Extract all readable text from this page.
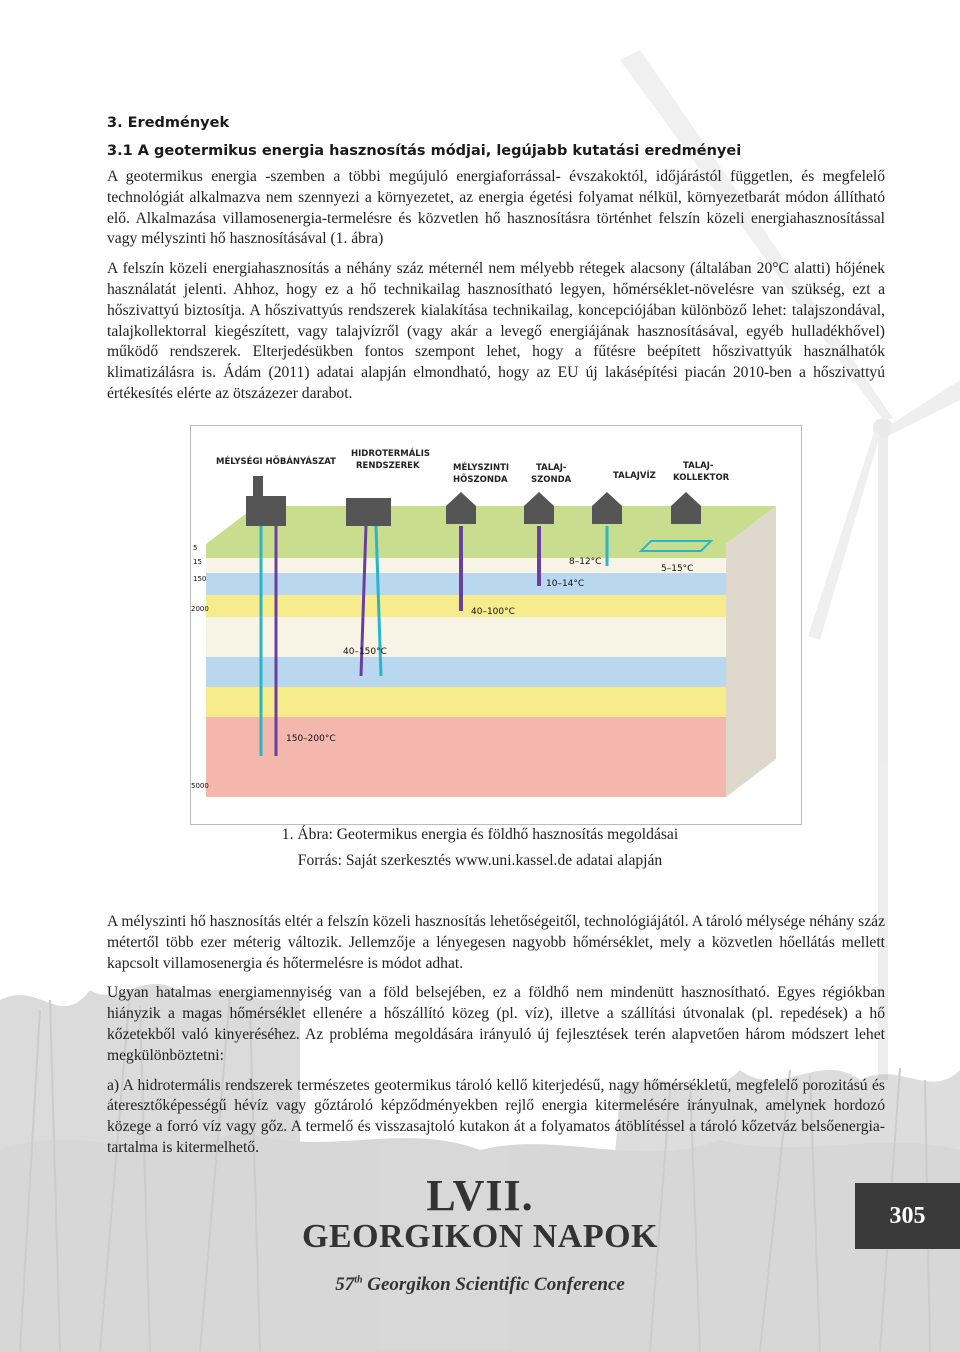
3. Eredmények
3.1 A geotermikus energia hasznosítás módjai, legújabb kutatási eredményei

A geotermikus energia -szemben a többi megújuló energiaforrással- évszakoktól, időjárástól független, és megfelelő technológiát alkalmazva nem szennyezi a környezetet, az energia égetési folyamat nélkül, környezetbarát módon állítható elő. Alkalmazása villamosenergia-termelésre és közvetlen hő hasznosításra történhet felszín közeli energiahasznosítással vagy mélyszinti hő hasznosításával (1. ábra)

A felszín közeli energiahasznosítás a néhány száz méternél nem mélyebb rétegek alacsony (általában 20°C alatti) hőjének használatát jelenti. Ahhoz, hogy ez a hő technikailag hasznosítható legyen, hőmérséklet-növelésre van szükség, ezt a hőszivattyú biztosítja. A hőszivattyús rendszerek kialakítása technikailag, koncepciójában különböző lehet: talajszondával, talajkollektorral kiegészített, vagy talajvízről (vagy akár a levegő energiájának hasznosításával, egyéb hulladékhővel) működő rendszerek. Elterjedésükben fontos szempont lehet, hogy a fűtésre beépített hőszivattyúk használhatók klimatizálásra is. Ádám (2011) adatai alapján elmondható, hogy az EU új lakásépítési piacán 2010-ben a hőszivattyú értékesítés elérte az ötszázezer darabot.

MÉLYSÉGI HŐBÁNYÁSZAT
HIDROTERMÁLIS
RENDSZEREK	MÉLYSZINTI
HŐSZONDA
TALAJ-
SZONDA	TALAJVÍZ
TALAJ-
KOLLEKTOR
8–12°C
10–14°C
5–15°C
40–100°C
40–150°C
150–200°C
5
15
150
2000
5000
1. Ábra: Geotermikus energia és földhő hasznosítás megoldásai
Forrás: Saját szerkesztés www.uni.kassel.de adatai alapján

A mélyszinti hő hasznosítás eltér a felszín közeli hasznosítás lehetőségeitől, technológiájától. A tároló mélysége néhány száz métertől több ezer méterig változik. Jellemzője a lényegesen nagyobb hőmérséklet, mely a közvetlen hőellátás mellett kapcsolt villamosenergia és hőtermelésre is módot adhat.

Ugyan hatalmas energiamennyiség van a föld belsejében, ez a földhő nem mindenütt hasznosítható. Egyes régiókban hiányzik a magas hőmérséklet ellenére a hőszállító közeg (pl. víz), illetve a szállítási útvonalak (pl. repedések) a hő kőzetekből való kinyeréséhez. Az probléma megoldására irányuló új fejlesztések terén alapvetően három módszert lehet megkülönböztetni:

a) A hidrotermális rendszerek természetes geotermikus tároló kellő kiterjedésű, nagy hőmérsékletű, megfelelő porozitású és áteresztőképességű hévíz vagy gőztároló képződményekben rejlő energia kitermelésére irányulnak, amelynek hordozó közege a forró víz vagy gőz. A termelő és visszasajtoló kutakon át a folyamatos átöblítéssel a tároló kőzetváz belsőenergia-tartalma is kitermelhető.

LVII.
GEORGIKON NAPOK
57th Georgikon Scientific Conference
305
